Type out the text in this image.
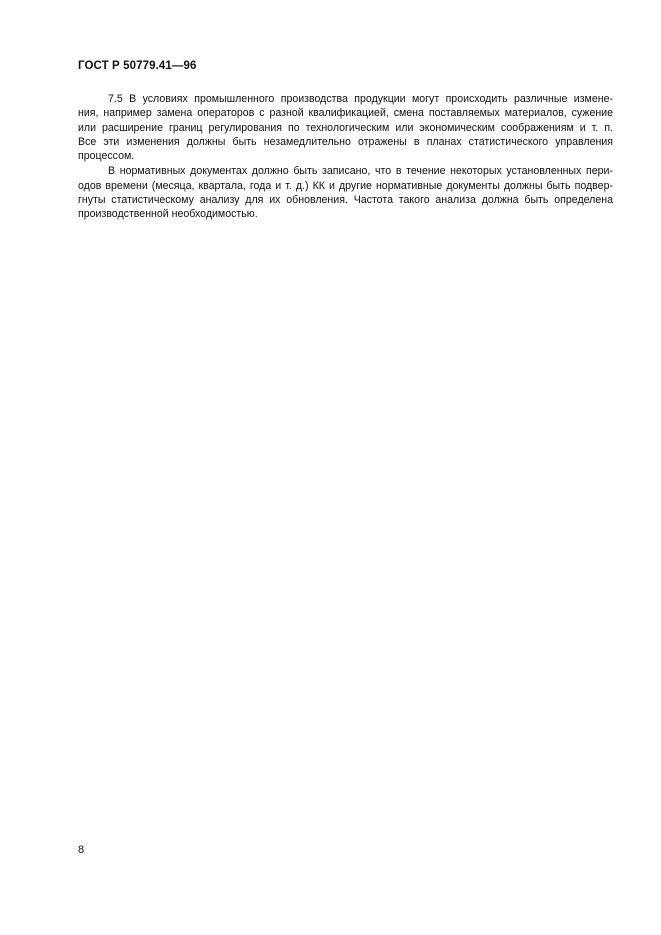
ГОСТ Р 50779.41—96
7.5 В условиях промышленного производства продукции могут происходить различные измене-
ния, например замена операторов с разной квалификацией, смена поставляемых материалов, сужение
или расширение границ регулирования по технологическим или экономическим соображениям и т. п.
Все эти изменения должны быть незамедлительно отражены в планах статистического управления
процессом.
В нормативных документах должно быть записано, что в течение некоторых установленных пери-
одов времени (месяца, квартала, года и т. д.) КК и другие нормативные документы должны быть подвер-
гнуты статистическому анализу для их обновления. Частота такого анализа должна быть определена
производственной необходимостью.
8
